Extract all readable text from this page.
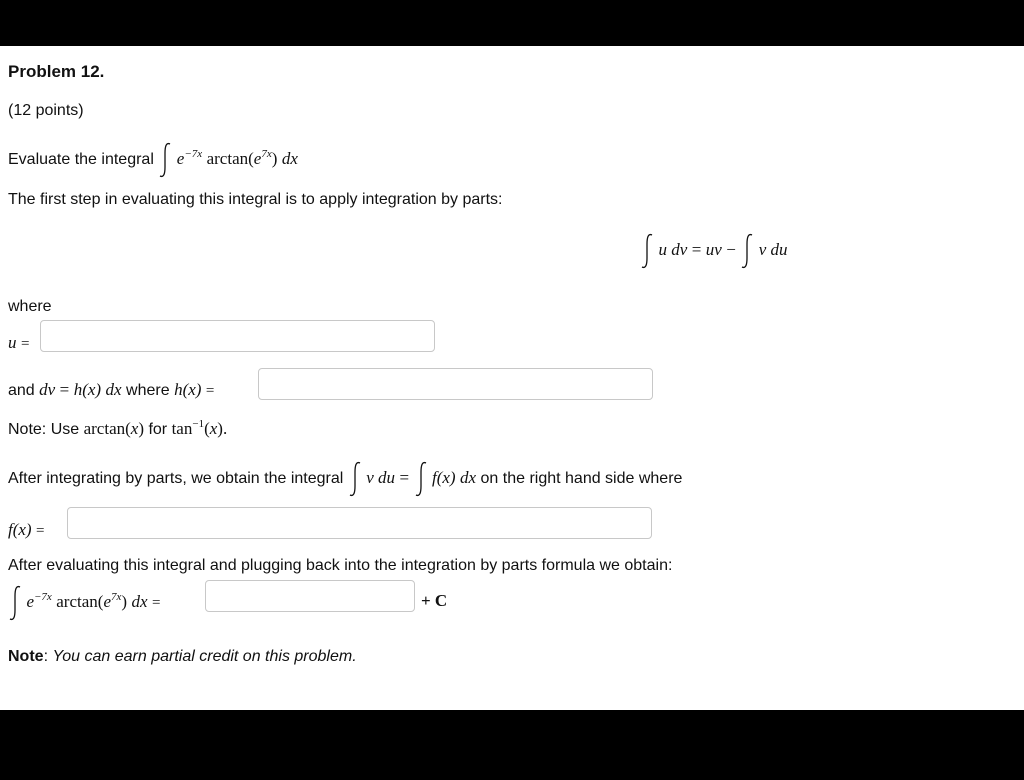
Problem 12.
(12 points)
Evaluate the integral $e^{-7x}$ $\arctan(e^{7x})$ dx
The first step in evaluating this integral is to apply integration by parts:
u dv = uv − v du
where
u =
and dv = h(x) dx where h(x) =
Note: Use arctan(x) for $\tan^{-1}(x)$.
After integrating by parts, we obtain the integral v du = f(x) dx on the right hand side where
f(x) =
After evaluating this integral and plugging back into the integration by parts formula we obtain:
$e^{-7x}$ $\arctan(e^{7x})$ dx =	+ C
Note: You can earn partial credit on this problem.
